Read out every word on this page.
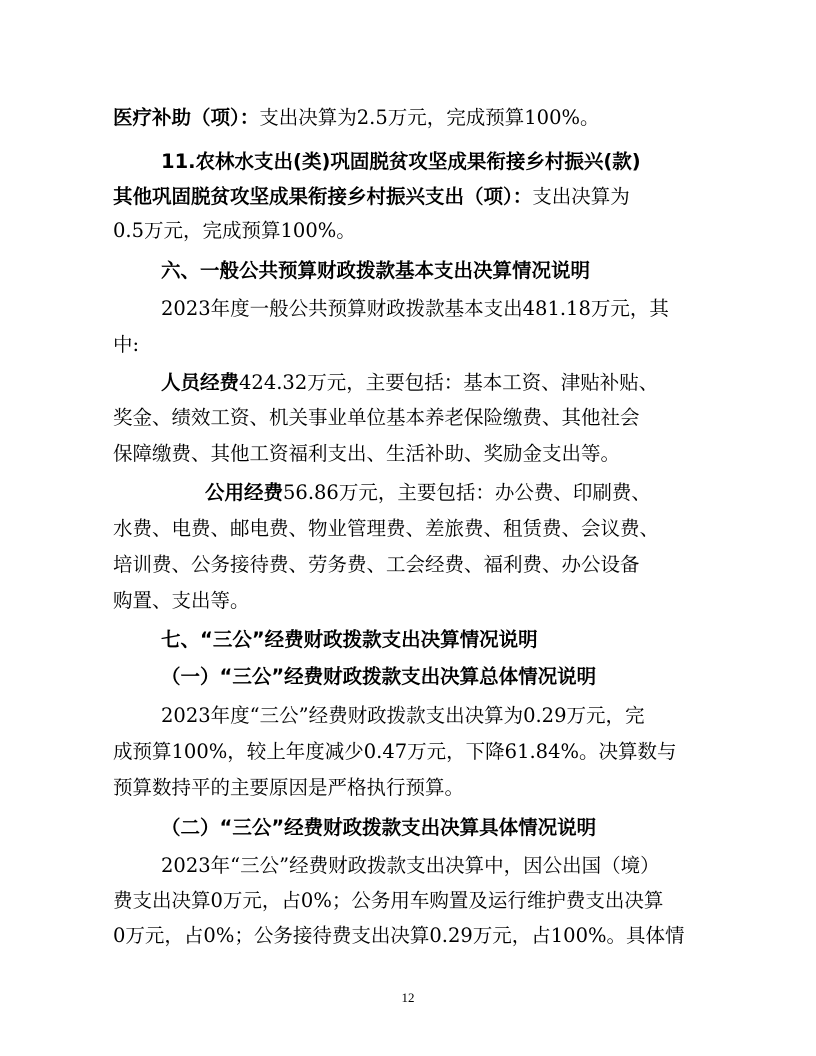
医疗补助（项）：支出决算为2.5万元，完成预算100%。
11.农林水支出(类)巩固脱贫攻坚成果衔接乡村振兴(款)
其他巩固脱贫攻坚成果衔接乡村振兴支出（项）：支出决算为
0.5万元，完成预算100%。
六、一般公共预算财政拨款基本支出决算情况说明
2023年度一般公共预算财政拨款基本支出481.18万元，其
中:
人员经费424.32万元，主要包括：基本工资、津贴补贴、
奖金、绩效工资、机关事业单位基本养老保险缴费、其他社会
保障缴费、其他工资福利支出、生活补助、奖励金支出等。
公用经费56.86万元，主要包括：办公费、印刷费、
水费、电费、邮电费、物业管理费、差旅费、租赁费、会议费、
培训费、公务接待费、劳务费、工会经费、福利费、办公设备
购置、支出等。
七、“三公”经费财政拨款支出决算情况说明
（一）“三公”经费财政拨款支出决算总体情况说明
2023年度“三公”经费财政拨款支出决算为0.29万元，完
成预算100%，较上年度减少0.47万元，下降61.84%。决算数与
预算数持平的主要原因是严格执行预算。
（二）“三公”经费财政拨款支出决算具体情况说明
2023年“三公”经费财政拨款支出决算中，因公出国（境）
费支出决算0万元，占0%；公务用车购置及运行维护费支出决算
0万元，占0%；公务接待费支出决算0.29万元，占100%。具体情
12
